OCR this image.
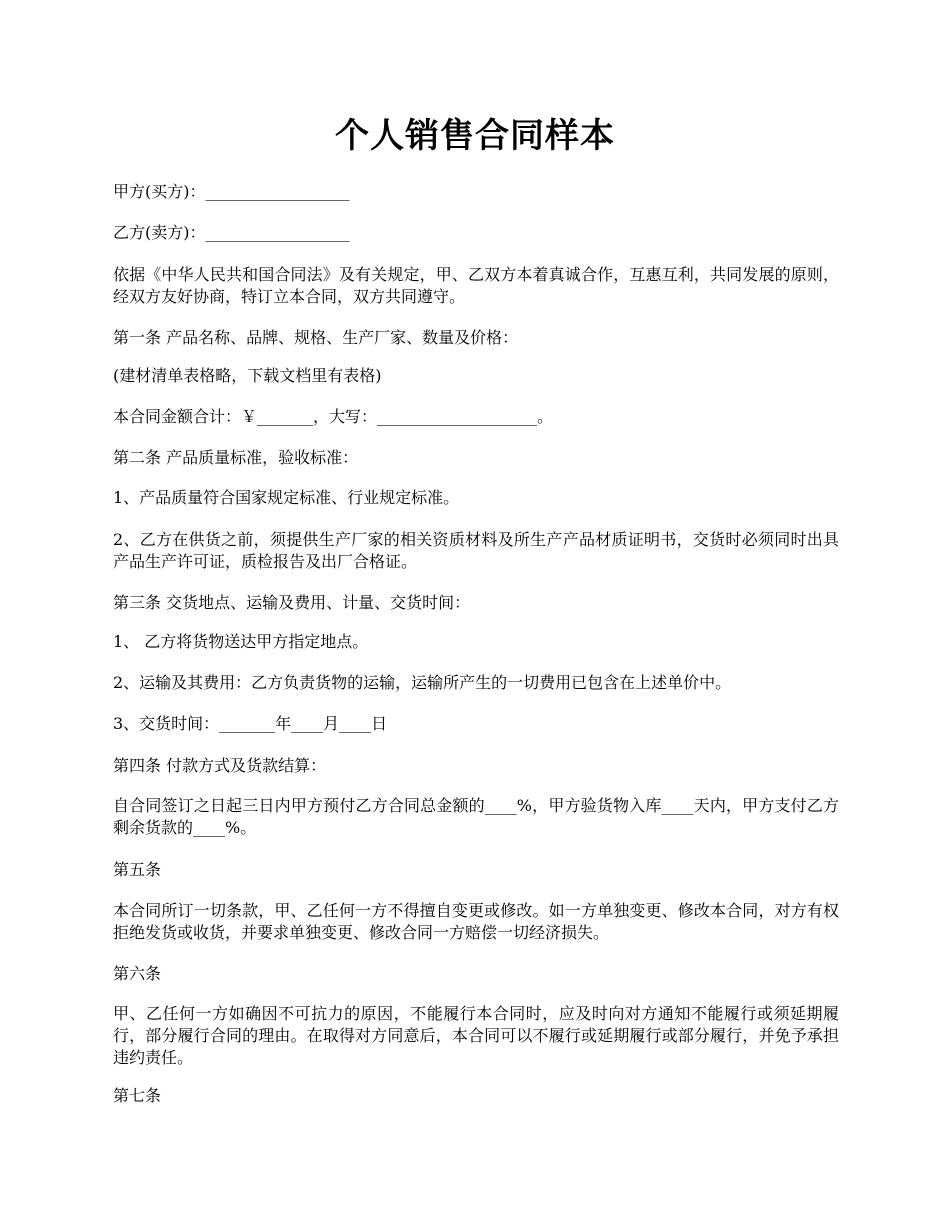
个人销售合同样本

甲方(买方)：__________________

乙方(卖方)：__________________

依据《中华人民共和国合同法》及有关规定，甲、乙双方本着真诚合作，互惠互利，共同发展的原则，经双方友好协商，特订立本合同，双方共同遵守。

第一条 产品名称、品牌、规格、生产厂家、数量及价格：

(建材清单表格略，下载文档里有表格)

本合同金额合计：￥_______，大写：____________________。

第二条 产品质量标准，验收标准：

1、产品质量符合国家规定标准、行业规定标准。

2、乙方在供货之前，须提供生产厂家的相关资质材料及所生产产品材质证明书，交货时必须同时出具产品生产许可证，质检报告及出厂合格证。

第三条 交货地点、运输及费用、计量、交货时间：

1、 乙方将货物送达甲方指定地点。

2、运输及其费用：乙方负责货物的运输，运输所产生的一切费用已包含在上述单价中。

3、交货时间：_______年____月____日

第四条 付款方式及货款结算：

自合同签订之日起三日内甲方预付乙方合同总金额的____%，甲方验货物入库____天内，甲方支付乙方剩余货款的____%。

第五条

本合同所订一切条款，甲、乙任何一方不得擅自变更或修改。如一方单独变更、修改本合同，对方有权拒绝发货或收货，并要求单独变更、修改合同一方赔偿一切经济损失。

第六条

甲、乙任何一方如确因不可抗力的原因，不能履行本合同时，应及时向对方通知不能履行或须延期履行，部分履行合同的理由。在取得对方同意后，本合同可以不履行或延期履行或部分履行，并免予承担违约责任。

第七条
